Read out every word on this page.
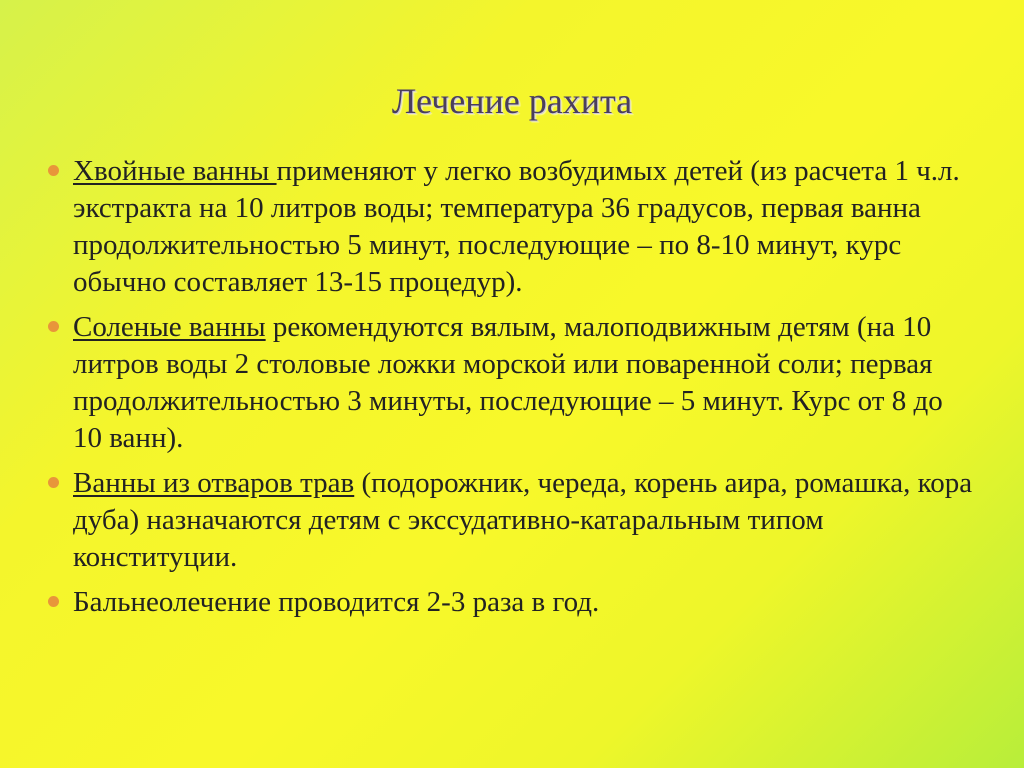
Лечение рахита
Хвойные ванны применяют у легко возбудимых детей (из расчета 1 ч.л. экстракта на 10 литров воды; температура 36 градусов, первая ванна продолжительностью 5 минут, последующие – по 8-10 минут, курс обычно составляет 13-15 процедур).
Соленые ванны рекомендуются вялым, малоподвижным детям (на 10 литров воды 2 столовые ложки морской или поваренной соли; первая продолжительностью 3 минуты, последующие – 5 минут. Курс от 8 до 10 ванн).
Ванны из отваров трав (подорожник, череда, корень аира, ромашка, кора дуба) назначаются детям с экссудативно-катаральным типом конституции.
Бальнеолечение проводится 2-3 раза в год.
